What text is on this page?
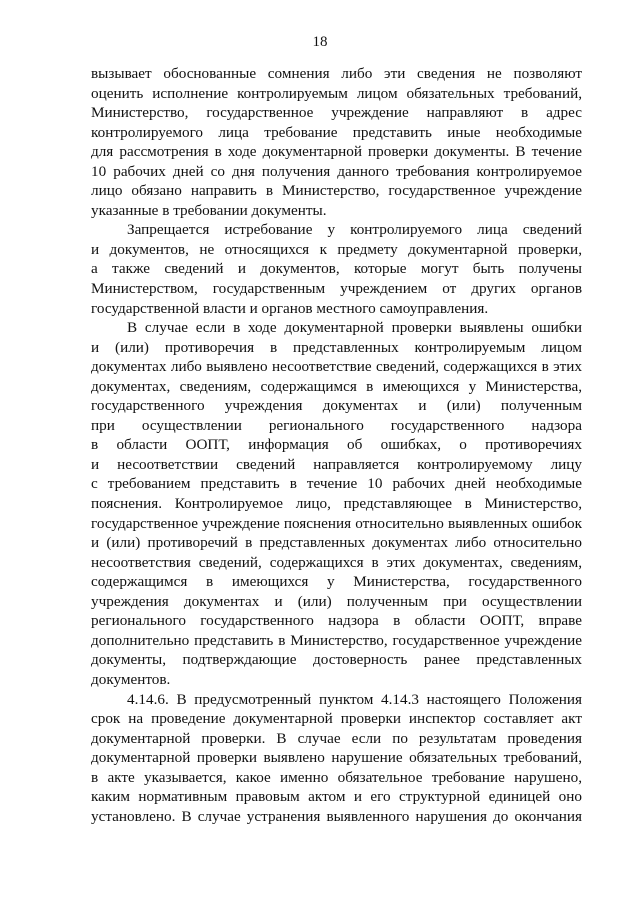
18
вызывает обоснованные сомнения либо эти сведения не позволяют
оценить исполнение контролируемым лицом обязательных требований,
Министерство, государственное учреждение направляют в адрес
контролируемого лица требование представить иные необходимые
для рассмотрения в ходе документарной проверки документы. В течение
10 рабочих дней со дня получения данного требования контролируемое
лицо обязано направить в Министерство, государственное учреждение
указанные в требовании документы.
Запрещается истребование у контролируемого лица сведений
и документов, не относящихся к предмету документарной проверки,
а также сведений и документов, которые могут быть получены
Министерством, государственным учреждением от других органов
государственной власти и органов местного самоуправления.
В случае если в ходе документарной проверки выявлены ошибки
и (или) противоречия в представленных контролируемым лицом
документах либо выявлено несоответствие сведений, содержащихся в этих
документах, сведениям, содержащимся в имеющихся у Министерства,
государственного учреждения документах и (или) полученным
при осуществлении регионального государственного надзора
в области ООПТ, информация об ошибках, о противоречиях
и несоответствии сведений направляется контролируемому лицу
с требованием представить в течение 10 рабочих дней необходимые
пояснения. Контролируемое лицо, представляющее в Министерство,
государственное учреждение пояснения относительно выявленных ошибок
и (или) противоречий в представленных документах либо относительно
несоответствия сведений, содержащихся в этих документах, сведениям,
содержащимся в имеющихся у Министерства, государственного
учреждения документах и (или) полученным при осуществлении
регионального государственного надзора в области ООПТ, вправе
дополнительно представить в Министерство, государственное учреждение
документы, подтверждающие достоверность ранее представленных
документов.
4.14.6. В предусмотренный пунктом 4.14.3 настоящего Положения
срок на проведение документарной проверки инспектор составляет акт
документарной проверки. В случае если по результатам проведения
документарной проверки выявлено нарушение обязательных требований,
в акте указывается, какое именно обязательное требование нарушено,
каким нормативным правовым актом и его структурной единицей оно
установлено. В случае устранения выявленного нарушения до окончания
